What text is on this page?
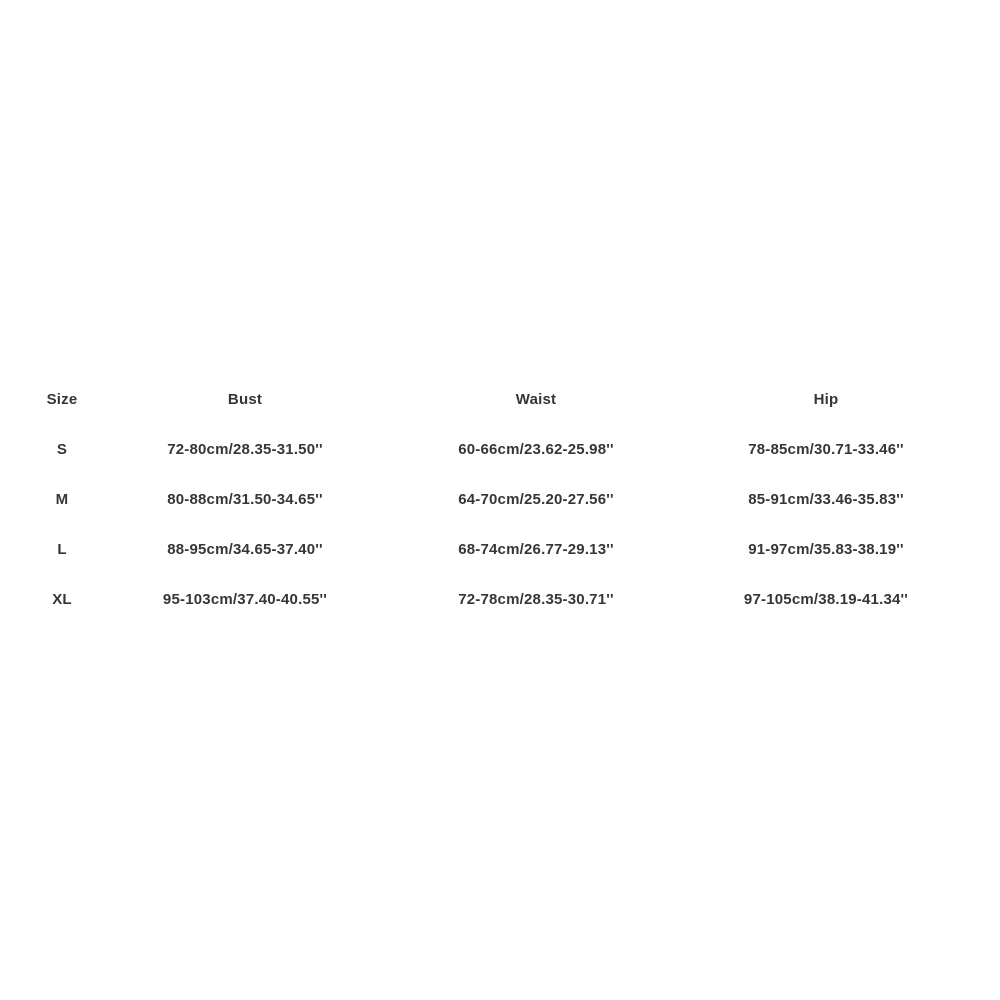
Size	Bust	Waist	Hip
S	72-80cm/28.35-31.50''	60-66cm/23.62-25.98''	78-85cm/30.71-33.46''
M	80-88cm/31.50-34.65''	64-70cm/25.20-27.56''	85-91cm/33.46-35.83''
L	88-95cm/34.65-37.40''	68-74cm/26.77-29.13''	91-97cm/35.83-38.19''
XL	95-103cm/37.40-40.55''	72-78cm/28.35-30.71''	97-105cm/38.19-41.34''
